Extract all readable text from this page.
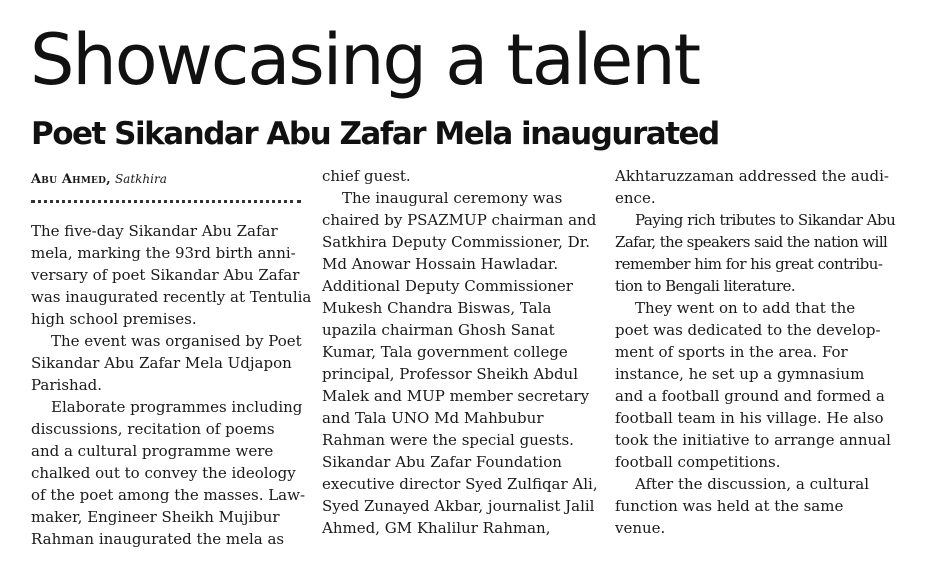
Showcasing a talent
Poet Sikandar Abu Zafar Mela inaugurated
Abu Ahmed, Satkhira
The five-day Sikandar Abu Zafar
mela, marking the 93rd birth anni-
versary of poet Sikandar Abu Zafar
was inaugurated recently at Tentulia
high school premises.
The event was organised by Poet
Sikandar Abu Zafar Mela Udjapon
Parishad.
Elaborate programmes including
discussions, recitation of poems
and a cultural programme were
chalked out to convey the ideology
of the poet among the masses. Law-
maker, Engineer Sheikh Mujibur
Rahman inaugurated the mela as
chief guest.
The inaugural ceremony was
chaired by PSAZMUP chairman and
Satkhira Deputy Commissioner, Dr.
Md Anowar Hossain Hawladar.
Additional Deputy Commissioner
Mukesh Chandra Biswas, Tala
upazila chairman Ghosh Sanat
Kumar, Tala government college
principal, Professor Sheikh Abdul
Malek and MUP member secretary
and Tala UNO Md Mahbubur
Rahman were the special guests.
Sikandar Abu Zafar Foundation
executive director Syed Zulfiqar Ali,
Syed Zunayed Akbar, journalist Jalil
Ahmed, GM Khalilur Rahman,
Akhtaruzzaman addressed the audi-
ence.
Paying rich tributes to Sikandar Abu
Zafar, the speakers said the nation will
remember him for his great contribu-
tion to Bengali literature.
They went on to add that the
poet was dedicated to the develop-
ment of sports in the area. For
instance, he set up a gymnasium
and a football ground and formed a
football team in his village. He also
took the initiative to arrange annual
football competitions.
After the discussion, a cultural
function was held at the same
venue.
